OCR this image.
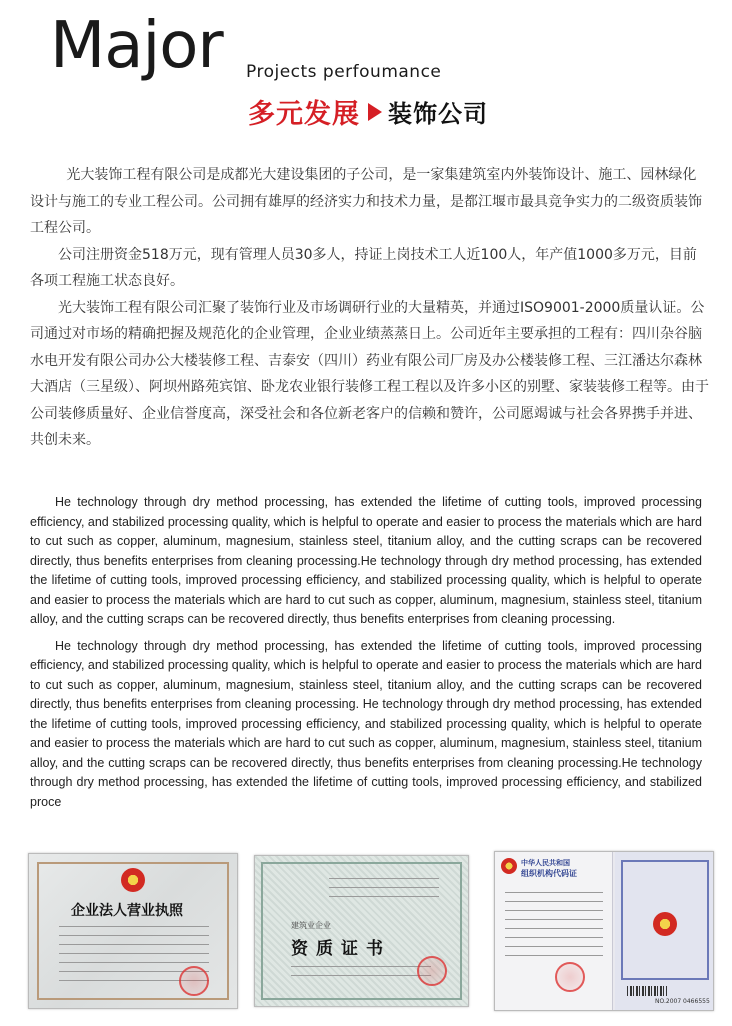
Major Projects perfoumance
多元发展 装饰公司

光大装饰工程有限公司是成都光大建设集团的子公司，是一家集建筑室内外装饰设计、施工、园林绿化设计与施工的专业工程公司。公司拥有雄厚的经济实力和技术力量，是都江堰市最具竞争实力的二级资质装饰工程公司。

公司注册资金518万元，现有管理人员30多人，持证上岗技术工人近100人，年产值1000多万元，目前各项工程施工状态良好。

光大装饰工程有限公司汇聚了装饰行业及市场调研行业的大量精英，并通过ISO9001-2000质量认证。公司通过对市场的精确把握及规范化的企业管理，企业业绩蒸蒸日上。公司近年主要承担的工程有：四川杂谷脑水电开发有限公司办公大楼装修工程、吉泰安（四川）药业有限公司厂房及办公楼装修工程、三江潘达尔森林大酒店（三星级）、阿坝州路苑宾馆、卧龙农业银行装修工程工程以及许多小区的别墅、家装装修工程等。由于公司装修质量好、企业信誉度高，深受社会和各位新老客户的信赖和赞许，公司愿竭诚与社会各界携手并进、共创未来。

He technology through dry method processing, has extended the lifetime of cutting tools, improved processing efficiency, and stabilized processing quality, which is helpful to operate and easier to process the materials which are hard to cut such as copper, aluminum, magnesium, stainless steel, titanium alloy, and the cutting scraps can be recovered directly, thus benefits enterprises from cleaning processing.He technology through dry method processing, has extended the lifetime of cutting tools, improved processing efficiency, and stabilized processing quality, which is helpful to operate and easier to process the materials which are hard to cut such as copper, aluminum, magnesium, stainless steel, titanium alloy, and the cutting scraps can be recovered directly, thus benefits enterprises from cleaning processing.

He technology through dry method processing, has extended the lifetime of cutting tools, improved processing efficiency, and stabilized processing quality, which is helpful to operate and easier to process the materials which are hard to cut such as copper, aluminum, magnesium, stainless steel, titanium alloy, and the cutting scraps can be recovered directly, thus benefits enterprises from cleaning processing. He technology through dry method processing, has extended the lifetime of cutting tools, improved processing efficiency, and stabilized processing quality, which is helpful to operate and easier to process the materials which are hard to cut such as copper, aluminum, magnesium, stainless steel, titanium alloy, and the cutting scraps can be recovered directly, thus benefits enterprises from cleaning processing.He technology through dry method processing, has extended the lifetime of cutting tools, improved processing efficiency, and stabilized proce

企业法人营业执照
建筑业企业
资质证书
中华人民共和国
组织机构代码证
NO.2007 0466555
